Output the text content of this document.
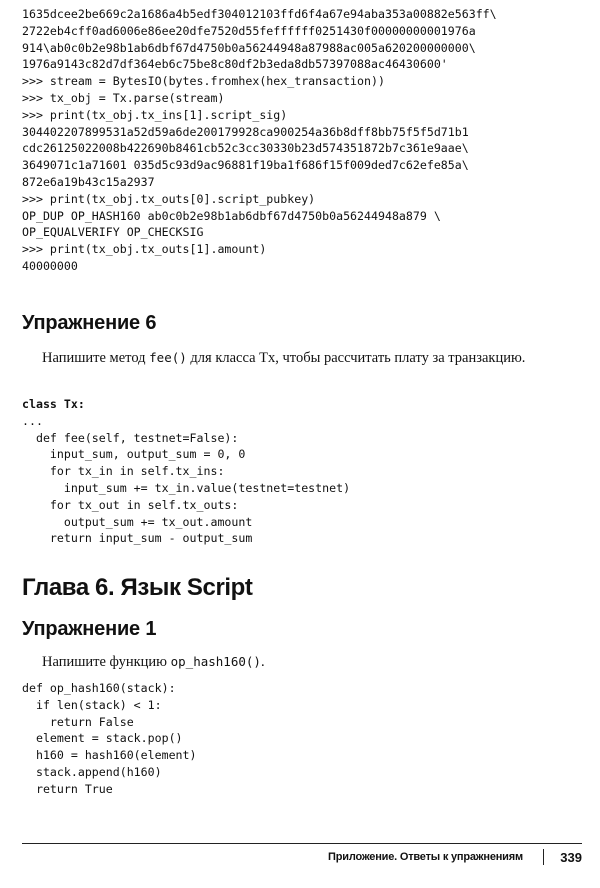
1635dcee2be669c2a1686a4b5edf304012103ffd6f4a67e94aba353a00882e563ff\
2722eb4cff0ad6006e86ee20dfe7520d55feffffff0251430f00000000001976a
914\ab0c0b2e98b1ab6dbf67d4750b0a56244948a87988ac005a620200000000\
1976a9143c82d7df364eb6c75be8c80df2b3eda8db57397088ac46430600'
>>> stream = BytesIO(bytes.fromhex(hex_transaction))
>>> tx_obj = Tx.parse(stream)
>>> print(tx_obj.tx_ins[1].script_sig)
304402207899531a52d59a6de200179928ca900254a36b8dff8bb75f5f5d71b1
cdc26125022008b422690b8461cb52c3cc30330b23d574351872b7c361e9aae\
3649071c1a71601 035d5c93d9ac96881f19ba1f686f15f009ded7c62efe85a\
872e6a19b43c15a2937
>>> print(tx_obj.tx_outs[0].script_pubkey)
OP_DUP OP_HASH160 ab0c0b2e98b1ab6dbf67d4750b0a56244948a879 \
OP_EQUALVERIFY OP_CHECKSIG
>>> print(tx_obj.tx_outs[1].amount)
40000000
Упражнение 6

Напишите метод fee() для класса Tx, чтобы рассчитать плату за транзакцию.

class Tx:
...
def fee(self, testnet=False):
input_sum, output_sum = 0, 0
for tx_in in self.tx_ins:
input_sum += tx_in.value(testnet=testnet)
for tx_out in self.tx_outs:
output_sum += tx_out.amount
return input_sum - output_sum
Глава 6. Язык Script
Упражнение 1

Напишите функцию op_hash160().

def op_hash160(stack):
if len(stack) < 1:
return False
element = stack.pop()
h160 = hash160(element)
stack.append(h160)
return True
Приложение. Ответы к упражнениям	339
